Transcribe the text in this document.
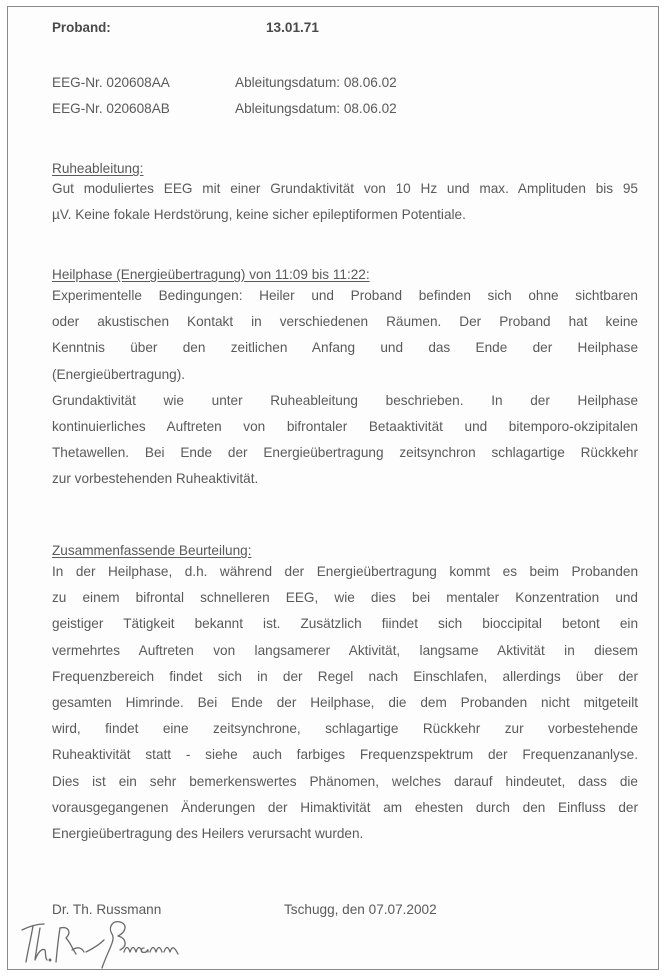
Proband:	13.01.71
EEG-Nr. 020608AA	Ableitungsdatum: 08.06.02
EEG-Nr. 020608AB	Ableitungsdatum: 08.06.02
Ruheableitung:
Gut moduliertes EEG mit einer Grundaktivität von 10 Hz und max. Amplituden bis 95
µV. Keine fokale Herdstörung, keine sicher epileptiformen Potentiale.
Heilphase (Energieübertragung) von 11:09 bis 11:22:
Experimentelle Bedingungen: Heiler und Proband befinden sich ohne sichtbaren
oder akustischen Kontakt in verschiedenen Räumen. Der Proband hat keine
Kenntnis über den zeitlichen Anfang und das Ende der Heilphase
(Energieübertragung).
Grundaktivität wie unter Ruheableitung beschrieben. In der Heilphase
kontinuierliches Auftreten von bifrontaler Betaaktivität und bitemporo-okzipitalen
Thetawellen. Bei Ende der Energieübertragung zeitsynchron schlagartige Rückkehr
zur vorbestehenden Ruheaktivität.
Zusammenfassende Beurteilung:
In der Heilphase, d.h. während der Energieübertragung kommt es beim Probanden
zu einem bifrontal schnelleren EEG, wie dies bei mentaler Konzentration und
geistiger Tätigkeit bekannt ist. Zusätzlich fiindet sich bioccipital betont ein
vermehrtes Auftreten von langsamerer Aktivität, langsame Aktivität in diesem
Frequenzbereich findet sich in der Regel nach Einschlafen, allerdings über der
gesamten Himrinde. Bei Ende der Heilphase, die dem Probanden nicht mitgeteilt
wird, findet eine zeitsynchrone, schlagartige Rückkehr zur vorbestehende
Ruheaktivität statt - siehe auch farbiges Frequenzspektrum der Frequenzananlyse.
Dies ist ein sehr bemerkenswertes Phänomen, welches darauf hindeutet, dass die
vorausgegangenen Änderungen der Himaktivität am ehesten durch den Einfluss der
Energieübertragung des Heilers verursacht wurden.
Dr. Th. Russmann	Tschugg, den 07.07.2002
